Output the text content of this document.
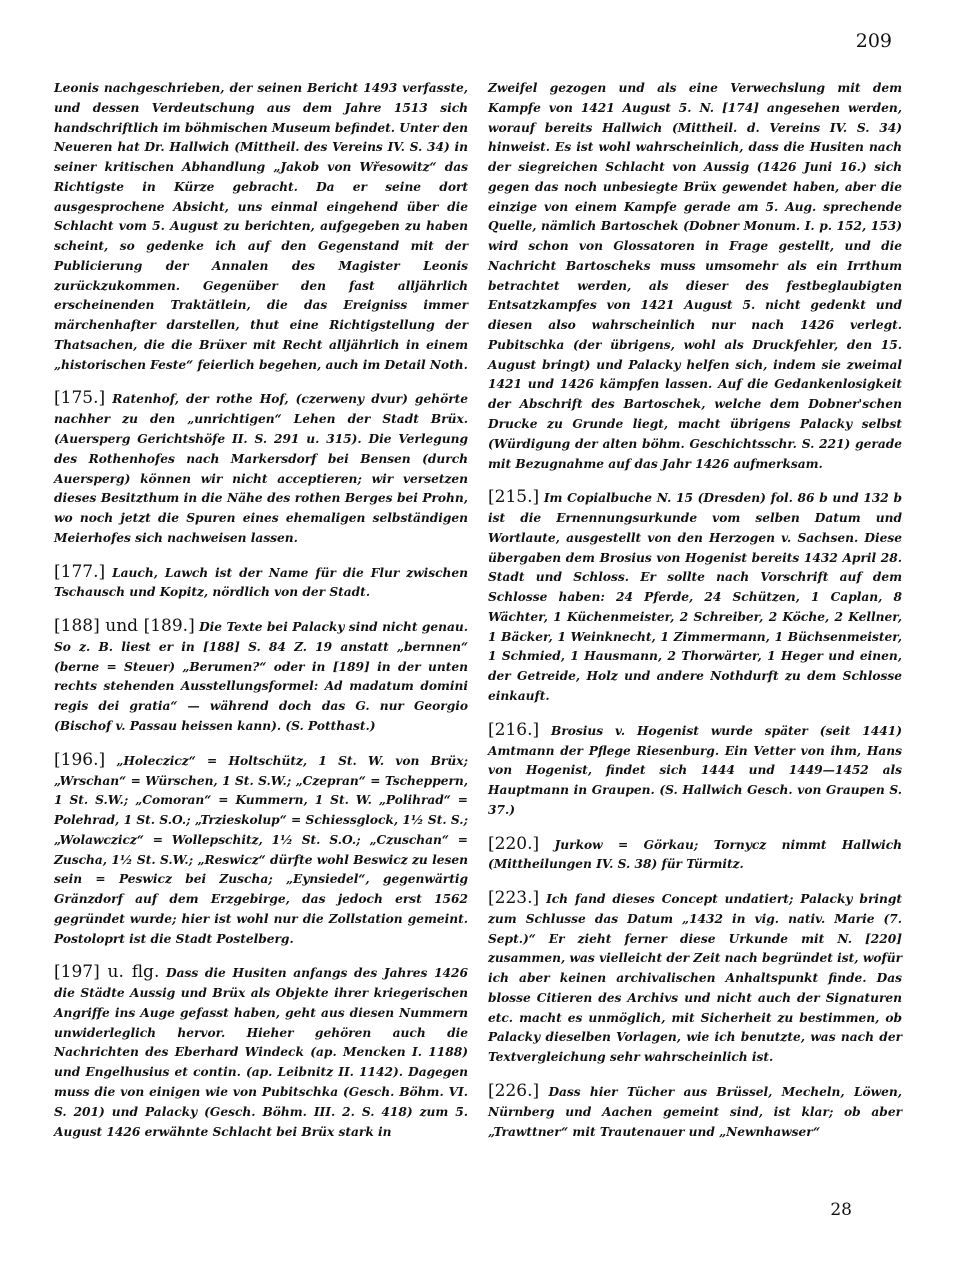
209

Leonis nachgeschrieben, der seinen Bericht 1493 verfasste, und dessen Verdeutschung aus dem Jahre 1513 sich handschriftlich im böhmischen Museum befindet. Unter den Neueren hat Dr. Hallwich (Mittheil. des Vereins IV. S. 34) in seiner kritischen Abhandlung „Jakob von Wřesowitz“ das Richtigste in Kürze gebracht. Da er seine dort ausgesprochene Absicht, uns einmal eingehend über die Schlacht vom 5. August zu berichten, aufgegeben zu haben scheint, so gedenke ich auf den Gegenstand mit der Publicierung der Annalen des Magister Leonis zurückzukommen. Gegenüber den fast alljährlich erscheinenden Traktätlein, die das Ereigniss immer märchenhafter darstellen, thut eine Richtigstellung der Thatsachen, die die Brüxer mit Recht alljährlich in einem „historischen Feste“ feierlich begehen, auch im Detail Noth.

[175.] Ratenhof, der rothe Hof, (czerweny dvur) gehörte nachher zu den „unrichtigen“ Lehen der Stadt Brüx. (Auersperg Gerichtshöfe II. S. 291 u. 315). Die Verlegung des Rothenhofes nach Markersdorf bei Bensen (durch Auersperg) können wir nicht acceptieren; wir versetzen dieses Besitzthum in die Nähe des rothen Berges bei Prohn, wo noch jetzt die Spuren eines ehemaligen selbständigen Meierhofes sich nachweisen lassen.

[177.] Lauch, Lawch ist der Name für die Flur zwischen Tschausch und Kopitz, nördlich von der Stadt.

[188] und [189.] Die Texte bei Palacky sind nicht genau. So z. B. liest er in [188] S. 84 Z. 19 anstatt „bernnen“ (berne = Steuer) „Berumen?“ oder in [189] in der unten rechts stehenden Ausstellungsformel: Ad madatum domini regis dei gratia“ — während doch das G. nur Georgio (Bischof v. Passau heissen kann). (S. Potthast.)

[196.] „Holeczicz“ = Holtschütz, 1 St. W. von Brüx; „Wrschan“ = Würschen, 1 St. S.W.; „Czepran“ = Tscheppern, 1 St. S.W.; „Comoran“ = Kummern, 1 St. W. „Polihrad“ = Polehrad, 1 St. S.O.; „Trzieskolup“ = Schiessglock, 1½ St. S.; „Wolawczicz“ = Wollepschitz, 1½ St. S.O.; „Czuschan“ = Zuscha, 1½ St. S.W.; „Reswicz“ dürfte wohl Beswicz zu lesen sein = Peswicz bei Zuscha; „Eynsiedel“, gegenwärtig Gränzdorf auf dem Erzgebirge, das jedoch erst 1562 gegründet wurde; hier ist wohl nur die Zollstation gemeint. Postoloprt ist die Stadt Postelberg.

[197] u. flg. Dass die Husiten anfangs des Jahres 1426 die Städte Aussig und Brüx als Objekte ihrer kriegerischen Angriffe ins Auge gefasst haben, geht aus diesen Nummern unwiderleglich hervor. Hieher gehören auch die Nachrichten des Eberhard Windeck (ap. Mencken I. 1188) und Engelhusius et contin. (ap. Leibnitz II. 1142). Dagegen muss die von einigen wie von Pubitschka (Gesch. Böhm. VI. S. 201) und Palacky (Gesch. Böhm. III. 2. S. 418) zum 5. August 1426 erwähnte Schlacht bei Brüx stark in

Zweifel gezogen und als eine Verwechslung mit dem Kampfe von 1421 August 5. N. [174] angesehen werden, worauf bereits Hallwich (Mittheil. d. Vereins IV. S. 34) hinweist. Es ist wohl wahrscheinlich, dass die Husiten nach der siegreichen Schlacht von Aussig (1426 Juni 16.) sich gegen das noch unbesiegte Brüx gewendet haben, aber die einzige von einem Kampfe gerade am 5. Aug. sprechende Quelle, nämlich Bartoschek (Dobner Monum. I. p. 152, 153) wird schon von Glossatoren in Frage gestellt, und die Nachricht Bartoscheks muss umsomehr als ein Irrthum betrachtet werden, als dieser des festbeglaubigten Entsatzkampfes von 1421 August 5. nicht gedenkt und diesen also wahrscheinlich nur nach 1426 verlegt. Pubitschka (der übrigens, wohl als Druckfehler, den 15. August bringt) und Palacky helfen sich, indem sie zweimal 1421 und 1426 kämpfen lassen. Auf die Gedankenlosigkeit der Abschrift des Bartoschek, welche dem Dobner'schen Drucke zu Grunde liegt, macht übrigens Palacky selbst (Würdigung der alten böhm. Geschichtsschr. S. 221) gerade mit Bezugnahme auf das Jahr 1426 aufmerksam.

[215.] Im Copialbuche N. 15 (Dresden) fol. 86 b und 132 b ist die Ernennungsurkunde vom selben Datum und Wortlaute, ausgestellt von den Herzogen v. Sachsen. Diese übergaben dem Brosius von Hogenist bereits 1432 April 28. Stadt und Schloss. Er sollte nach Vorschrift auf dem Schlosse haben: 24 Pferde, 24 Schützen, 1 Caplan, 8 Wächter, 1 Küchenmeister, 2 Schreiber, 2 Köche, 2 Kellner, 1 Bäcker, 1 Weinknecht, 1 Zimmermann, 1 Büchsenmeister, 1 Schmied, 1 Hausmann, 2 Thorwärter, 1 Heger und einen, der Getreide, Holz und andere Nothdurft zu dem Schlosse einkauft.

[216.] Brosius v. Hogenist wurde später (seit 1441) Amtmann der Pflege Riesenburg. Ein Vetter von ihm, Hans von Hogenist, findet sich 1444 und 1449—1452 als Hauptmann in Graupen. (S. Hallwich Gesch. von Graupen S. 37.)

[220.] Jurkow = Görkau; Tornycz nimmt Hallwich (Mittheilungen IV. S. 38) für Türmitz.

[223.] Ich fand dieses Concept undatiert; Palacky bringt zum Schlusse das Datum „1432 in vig. nativ. Marie (7. Sept.)“ Er zieht ferner diese Urkunde mit N. [220] zusammen, was vielleicht der Zeit nach begründet ist, wofür ich aber keinen archivalischen Anhaltspunkt finde. Das blosse Citieren des Archivs und nicht auch der Signaturen etc. macht es unmöglich, mit Sicherheit zu bestimmen, ob Palacky dieselben Vorlagen, wie ich benutzte, was nach der Textvergleichung sehr wahrscheinlich ist.

[226.] Dass hier Tücher aus Brüssel, Mecheln, Löwen, Nürnberg und Aachen gemeint sind, ist klar; ob aber „Trawttner“ mit Trautenauer und „Newnhawser“

28
